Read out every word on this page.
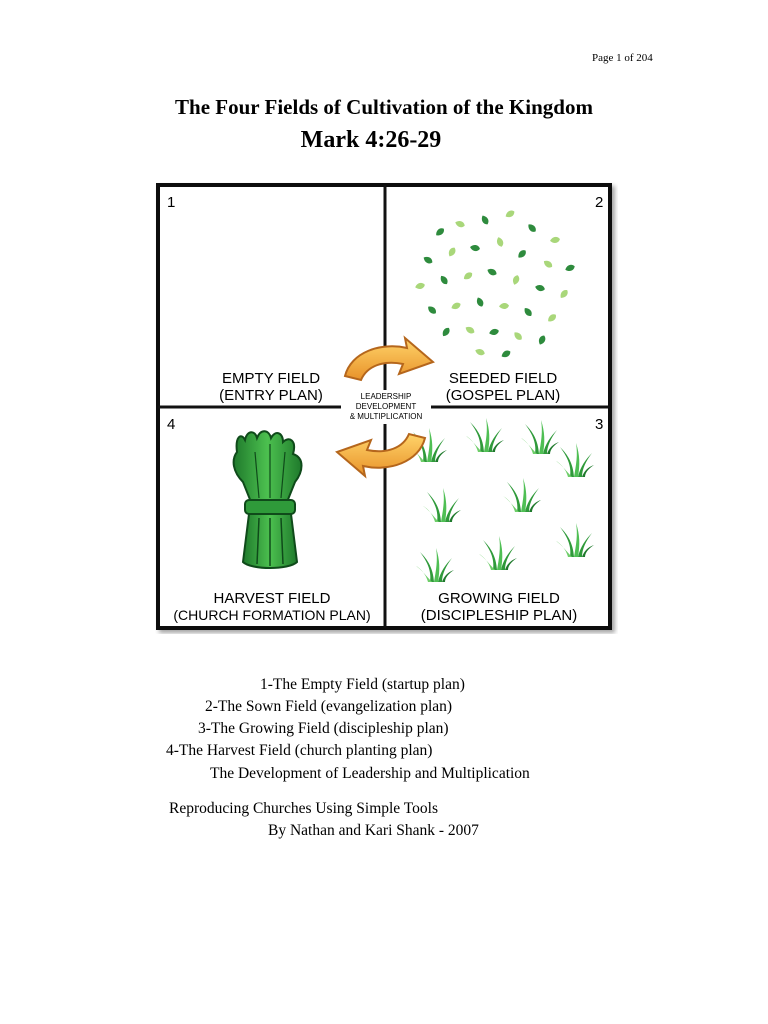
Page 1 of 204
The Four Fields of Cultivation of the Kingdom
Mark 4:26-29
1	2
3
4
LEADERSHIP
DEVELOPMENT
& MULTIPLICATION
EMPTY FIELD
(ENTRY PLAN)
SEEDED FIELD
(GOSPEL PLAN)
GROWING FIELD
(DISCIPLESHIP PLAN)
HARVEST FIELD
(CHURCH FORMATION PLAN)
1-The Empty Field (startup plan)
2-The Sown Field (evangelization plan)
3-The Growing Field (discipleship plan)
4-The Harvest Field (church planting plan)
The Development of Leadership and Multiplication
Reproducing Churches Using Simple Tools
By Nathan and Kari Shank - 2007
